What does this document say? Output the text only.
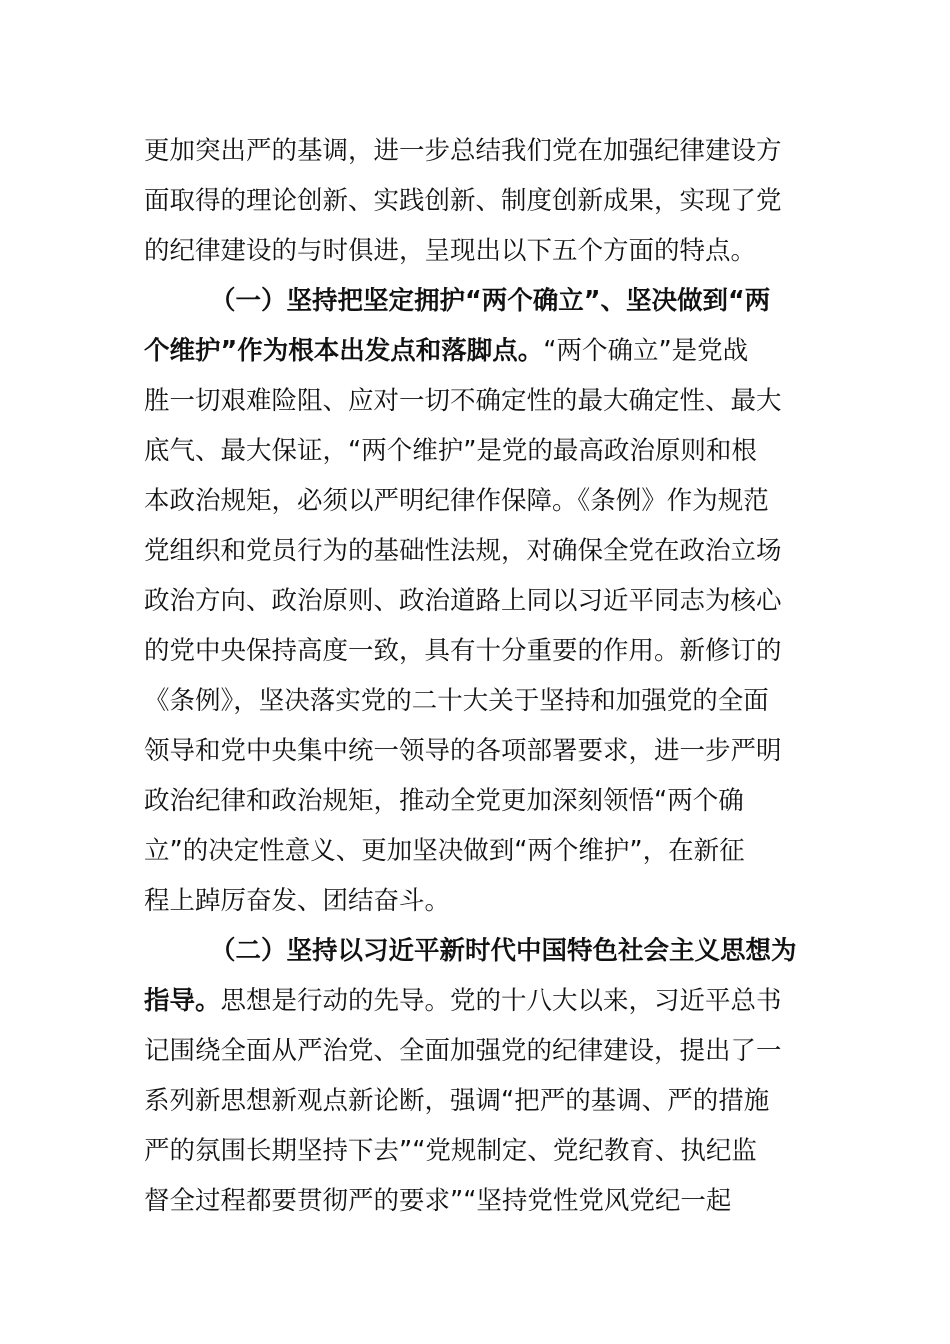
更加突出严的基调，进一步总结我们党在加强纪律建设方
面取得的理论创新、实践创新、制度创新成果，实现了党
的纪律建设的与时俱进，呈现出以下五个方面的特点。
（一）坚持把坚定拥护“两个确立”、坚决做到“两
个维护”作为根本出发点和落脚点。“两个确立”是党战
胜一切艰难险阻、应对一切不确定性的最大确定性、最大
底气、最大保证，“两个维护”是党的最高政治原则和根
本政治规矩，必须以严明纪律作保障。《条例》作为规范
党组织和党员行为的基础性法规，对确保全党在政治立场
政治方向、政治原则、政治道路上同以习近平同志为核心
的党中央保持高度一致，具有十分重要的作用。新修订的
《条例》，坚决落实党的二十大关于坚持和加强党的全面
领导和党中央集中统一领导的各项部署要求，进一步严明
政治纪律和政治规矩，推动全党更加深刻领悟“两个确
立”的决定性意义、更加坚决做到“两个维护”，在新征
程上踔厉奋发、团结奋斗。
（二）坚持以习近平新时代中国特色社会主义思想为
指导。思想是行动的先导。党的十八大以来，习近平总书
记围绕全面从严治党、全面加强党的纪律建设，提出了一
系列新思想新观点新论断，强调“把严的基调、严的措施
严的氛围长期坚持下去”“党规制定、党纪教育、执纪监
督全过程都要贯彻严的要求”“坚持党性党风党纪一起
